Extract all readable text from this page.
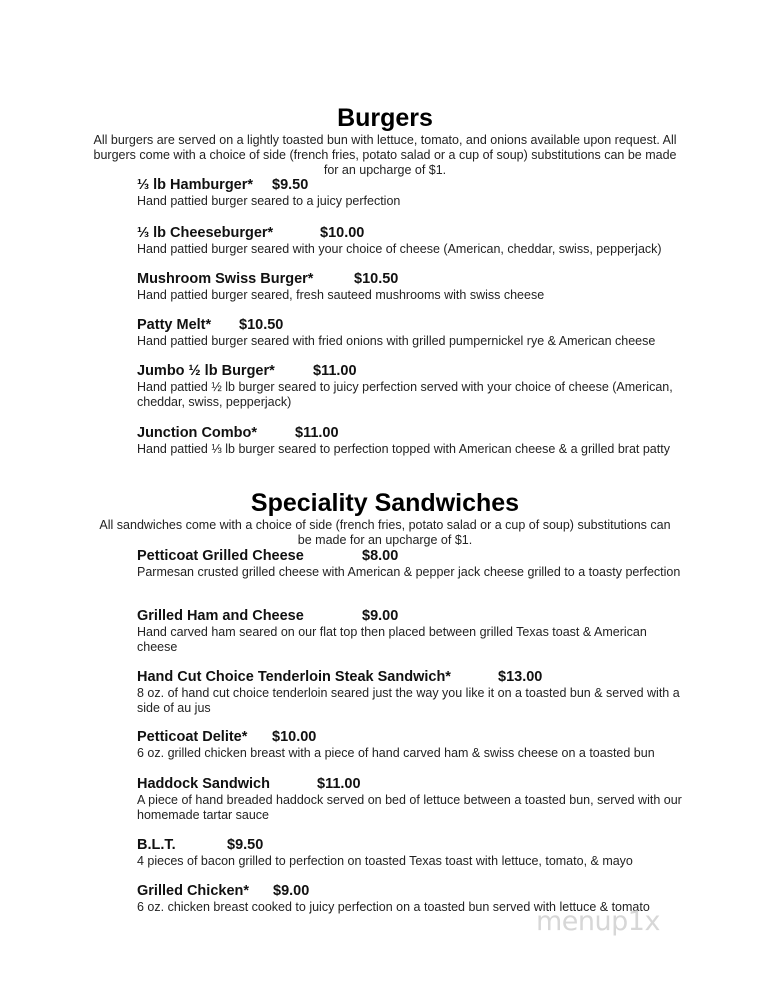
Burgers

All burgers are served on a lightly toasted bun with lettuce, tomato, and onions available upon request. All burgers come with a choice of side (french fries, potato salad or a cup of soup) substitutions can be made for an upcharge of $1.

⅓ lb Hamburger* $9.50
Hand pattied burger seared to a juicy perfection
⅓ lb Cheeseburger*	$10.00
Hand pattied burger seared with your choice of cheese (American, cheddar, swiss, pepperjack)
Mushroom Swiss Burger*	$10.50
Hand pattied burger seared, fresh sauteed mushrooms with swiss cheese
Patty Melt* $10.50
Hand pattied burger seared with fried onions with grilled pumpernickel rye & American cheese
Jumbo ½ lb Burger*	$11.00
Hand pattied ½ lb burger seared to juicy perfection served with your choice of cheese (American, cheddar, swiss, pepperjack)
Junction Combo*	$11.00
Hand pattied ⅓ lb burger seared to perfection topped with American cheese & a grilled brat patty
Speciality Sandwiches

All sandwiches come with a choice of side (french fries, potato salad or a cup of soup) substitutions can be made for an upcharge of $1.

Petticoat Grilled Cheese	$8.00
Parmesan crusted grilled cheese with American & pepper jack cheese grilled to a toasty perfection
Grilled Ham and Cheese	$9.00
Hand carved ham seared on our flat top then placed between grilled Texas toast & American cheese
Hand Cut Choice Tenderloin Steak Sandwich*	$13.00
8 oz. of hand cut choice tenderloin seared just the way you like it on a toasted bun & served with a side of au jus
Petticoat Delite* $10.00
6 oz. grilled chicken breast with a piece of hand carved ham & swiss cheese on a toasted bun
Haddock Sandwich	$11.00
A piece of hand breaded haddock served on bed of lettuce between a toasted bun, served with our homemade tartar sauce
B.L.T.	$9.50
4 pieces of bacon grilled to perfection on toasted Texas toast with lettuce, tomato, & mayo
Grilled Chicken* $9.00
6 oz. chicken breast cooked to juicy perfection on a toasted bun served with lettuce & tomato
menup1x
